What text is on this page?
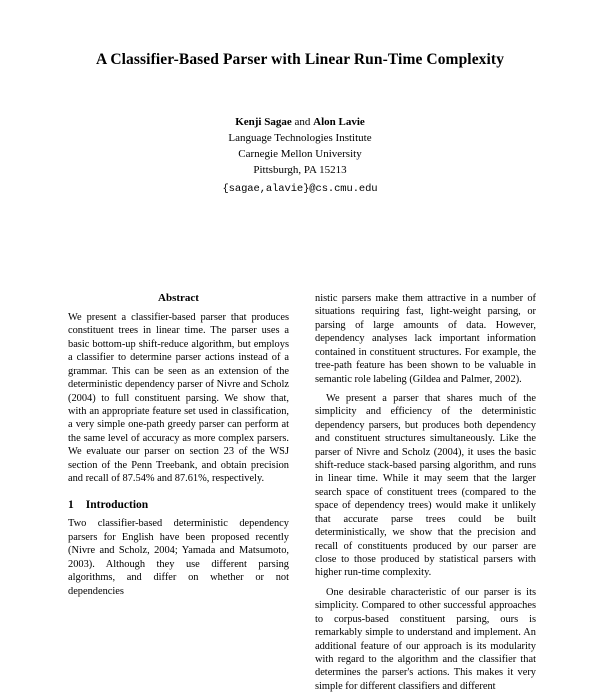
A Classifier-Based Parser with Linear Run-Time Complexity
Kenji Sagae and Alon Lavie
Language Technologies Institute
Carnegie Mellon University
Pittsburgh, PA 15213
{sagae,alavie}@cs.cmu.edu
Abstract

We present a classifier-based parser that produces constituent trees in linear time. The parser uses a basic bottom-up shift-reduce algorithm, but employs a classifier to determine parser actions instead of a grammar. This can be seen as an extension of the deterministic dependency parser of Nivre and Scholz (2004) to full constituent parsing. We show that, with an appropriate feature set used in classification, a very simple one-path greedy parser can perform at the same level of accuracy as more complex parsers. We evaluate our parser on section 23 of the WSJ section of the Penn Treebank, and obtain precision and recall of 87.54% and 87.61%, respectively.

1 Introduction

Two classifier-based deterministic dependency parsers for English have been proposed recently (Nivre and Scholz, 2004; Yamada and Matsumoto, 2003). Although they use different parsing algorithms, and differ on whether or not dependencies

nistic parsers make them attractive in a number of situations requiring fast, light-weight parsing, or parsing of large amounts of data. However, dependency analyses lack important information contained in constituent structures. For example, the tree-path feature has been shown to be valuable in semantic role labeling (Gildea and Palmer, 2002).

We present a parser that shares much of the simplicity and efficiency of the deterministic dependency parsers, but produces both dependency and constituent structures simultaneously. Like the parser of Nivre and Scholz (2004), it uses the basic shift-reduce stack-based parsing algorithm, and runs in linear time. While it may seem that the larger search space of constituent trees (compared to the space of dependency trees) would make it unlikely that accurate parse trees could be built deterministically, we show that the precision and recall of constituents produced by our parser are close to those produced by statistical parsers with higher run-time complexity.

One desirable characteristic of our parser is its simplicity. Compared to other successful approaches to corpus-based constituent parsing, ours is remarkably simple to understand and implement. An additional feature of our approach is its modularity with regard to the algorithm and the classifier that determines the parser's actions. This makes it very simple for different classifiers and different
